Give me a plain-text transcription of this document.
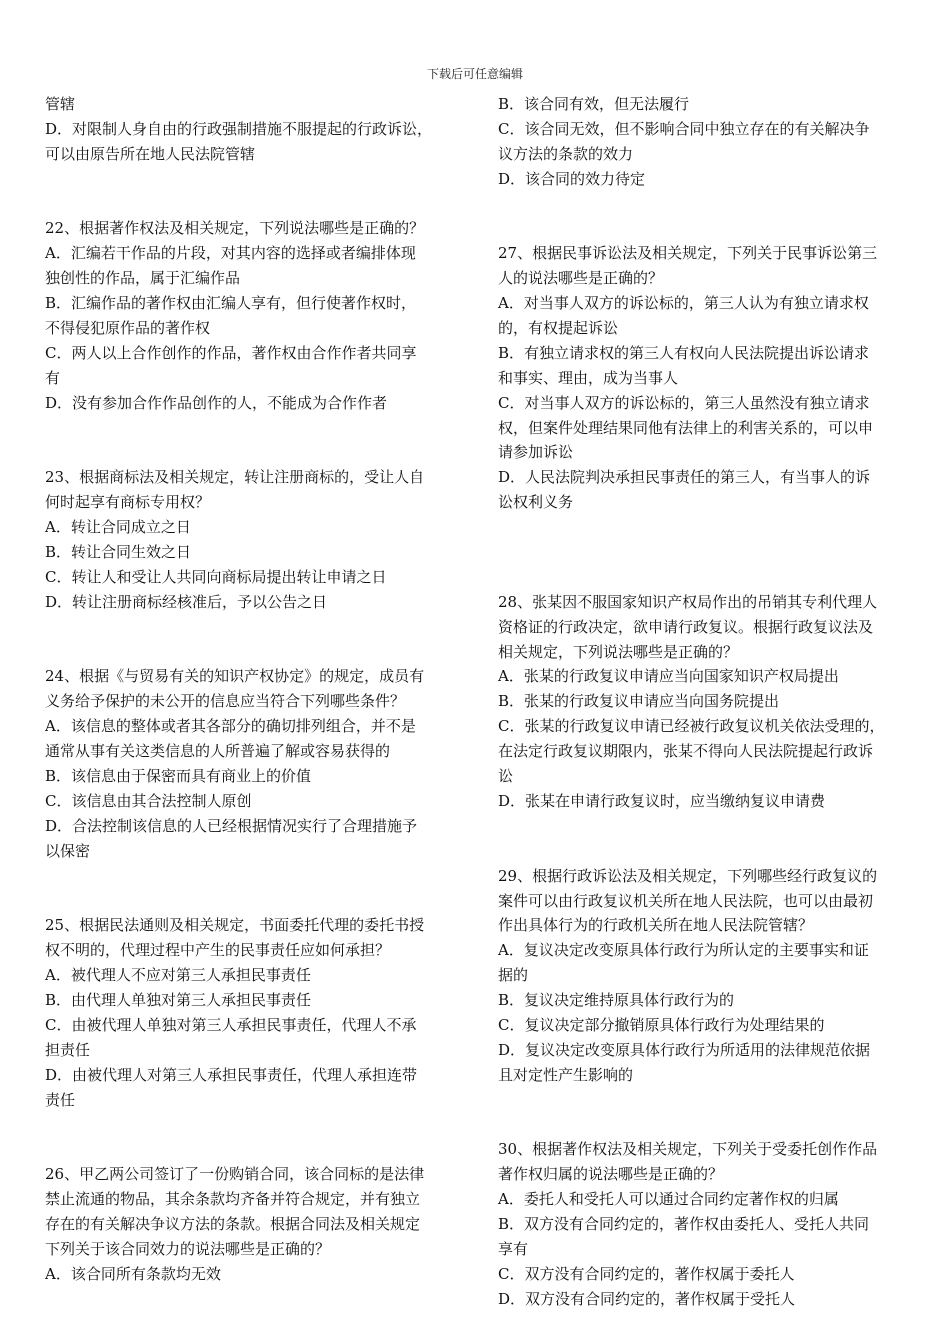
下载后可任意编辑
管辖
D．对限制人身自由的行政强制措施不服提起的行政诉讼，
可以由原告所在地人民法院管辖
22、根据著作权法及相关规定，下列说法哪些是正确的？
A．汇编若干作品的片段，对其内容的选择或者编排体现
独创性的作品，属于汇编作品
B．汇编作品的著作权由汇编人享有，但行使著作权时，
不得侵犯原作品的著作权
C．两人以上合作创作的作品，著作权由合作作者共同享
有
D．没有参加合作作品创作的人，不能成为合作作者
23、根据商标法及相关规定，转让注册商标的，受让人自
何时起享有商标专用权？
A．转让合同成立之日
B．转让合同生效之日
C．转让人和受让人共同向商标局提出转让申请之日
D．转让注册商标经核准后，予以公告之日
24、根据《与贸易有关的知识产权协定》的规定，成员有
义务给予保护的未公开的信息应当符合下列哪些条件？
A．该信息的整体或者其各部分的确切排列组合，并不是
通常从事有关这类信息的人所普遍了解或容易获得的
B．该信息由于保密而具有商业上的价值
C．该信息由其合法控制人原创
D．合法控制该信息的人已经根据情况实行了合理措施予
以保密
25、根据民法通则及相关规定，书面委托代理的委托书授
权不明的，代理过程中产生的民事责任应如何承担？
A．被代理人不应对第三人承担民事责任
B．由代理人单独对第三人承担民事责任
C．由被代理人单独对第三人承担民事责任，代理人不承
担责任
D．由被代理人对第三人承担民事责任，代理人承担连带
责任
26、甲乙两公司签订了一份购销合同，该合同标的是法律
禁止流通的物品，其余条款均齐备并符合规定，并有独立
存在的有关解决争议方法的条款。根据合同法及相关规定
下列关于该合同效力的说法哪些是正确的？
A．该合同所有条款均无效
B．该合同有效，但无法履行
C．该合同无效，但不影响合同中独立存在的有关解决争
议方法的条款的效力
D．该合同的效力待定
27、根据民事诉讼法及相关规定，下列关于民事诉讼第三
人的说法哪些是正确的？
A．对当事人双方的诉讼标的，第三人认为有独立请求权
的，有权提起诉讼
B．有独立请求权的第三人有权向人民法院提出诉讼请求
和事实、理由，成为当事人
C．对当事人双方的诉讼标的，第三人虽然没有独立请求
权，但案件处理结果同他有法律上的利害关系的，可以申
请参加诉讼
D．人民法院判决承担民事责任的第三人，有当事人的诉
讼权利义务
28、张某因不服国家知识产权局作出的吊销其专利代理人
资格证的行政决定，欲申请行政复议。根据行政复议法及
相关规定，下列说法哪些是正确的？
A．张某的行政复议申请应当向国家知识产权局提出
B．张某的行政复议申请应当向国务院提出
C．张某的行政复议申请已经被行政复议机关依法受理的，
在法定行政复议期限内，张某不得向人民法院提起行政诉
讼
D．张某在申请行政复议时，应当缴纳复议申请费
29、根据行政诉讼法及相关规定，下列哪些经行政复议的
案件可以由行政复议机关所在地人民法院，也可以由最初
作出具体行为的行政机关所在地人民法院管辖？
A．复议决定改变原具体行政行为所认定的主要事实和证
据的
B．复议决定维持原具体行政行为的
C．复议决定部分撤销原具体行政行为处理结果的
D．复议决定改变原具体行政行为所适用的法律规范依据
且对定性产生影响的
30、根据著作权法及相关规定，下列关于受委托创作作品
著作权归属的说法哪些是正确的？
A．委托人和受托人可以通过合同约定著作权的归属
B．双方没有合同约定的，著作权由委托人、受托人共同
享有
C．双方没有合同约定的，著作权属于委托人
D．双方没有合同约定的，著作权属于受托人
